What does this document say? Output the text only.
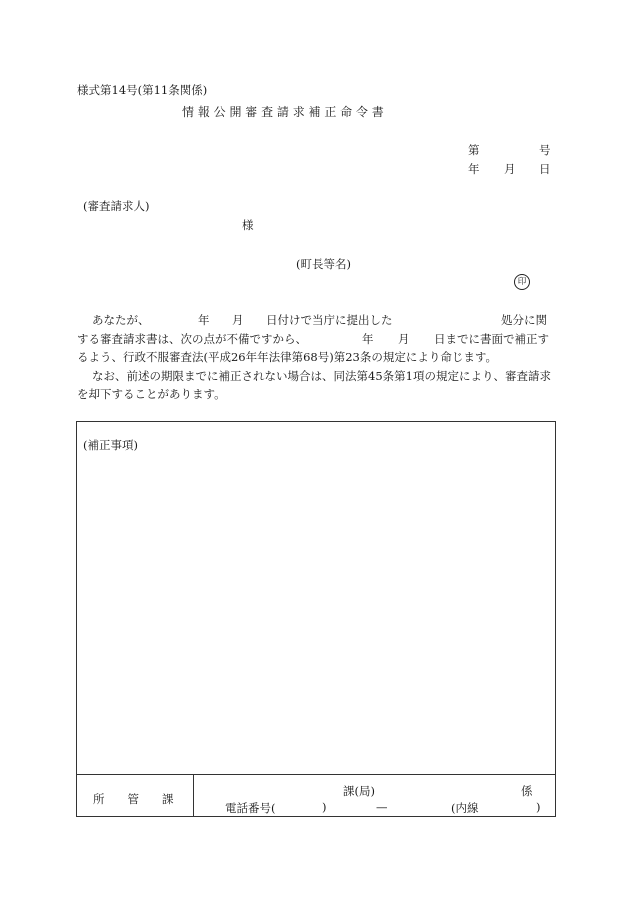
様式第14号(第11条関係)
情 報 公 開 審 査 請 求 補 正 命 令 書
第	号
年 月 日
(審査請求人)
様
(町長等名)
印
あなたが、	年 月 日付けで当庁に提出した	処分に関
する審査請求書は、次の点が不備ですから、	年 月 日までに書面で補正す
るよう、行政不服審査法(平成26年年法律第68号)第23条の規定により命じます。
なお、前述の期限までに補正されない場合は、同法第45条第1項の規定により、審査請求
を却下することがあります。
(補正事項)
所　　管　　課
課(局)	係
電話番号(	)	—	(内線	)
